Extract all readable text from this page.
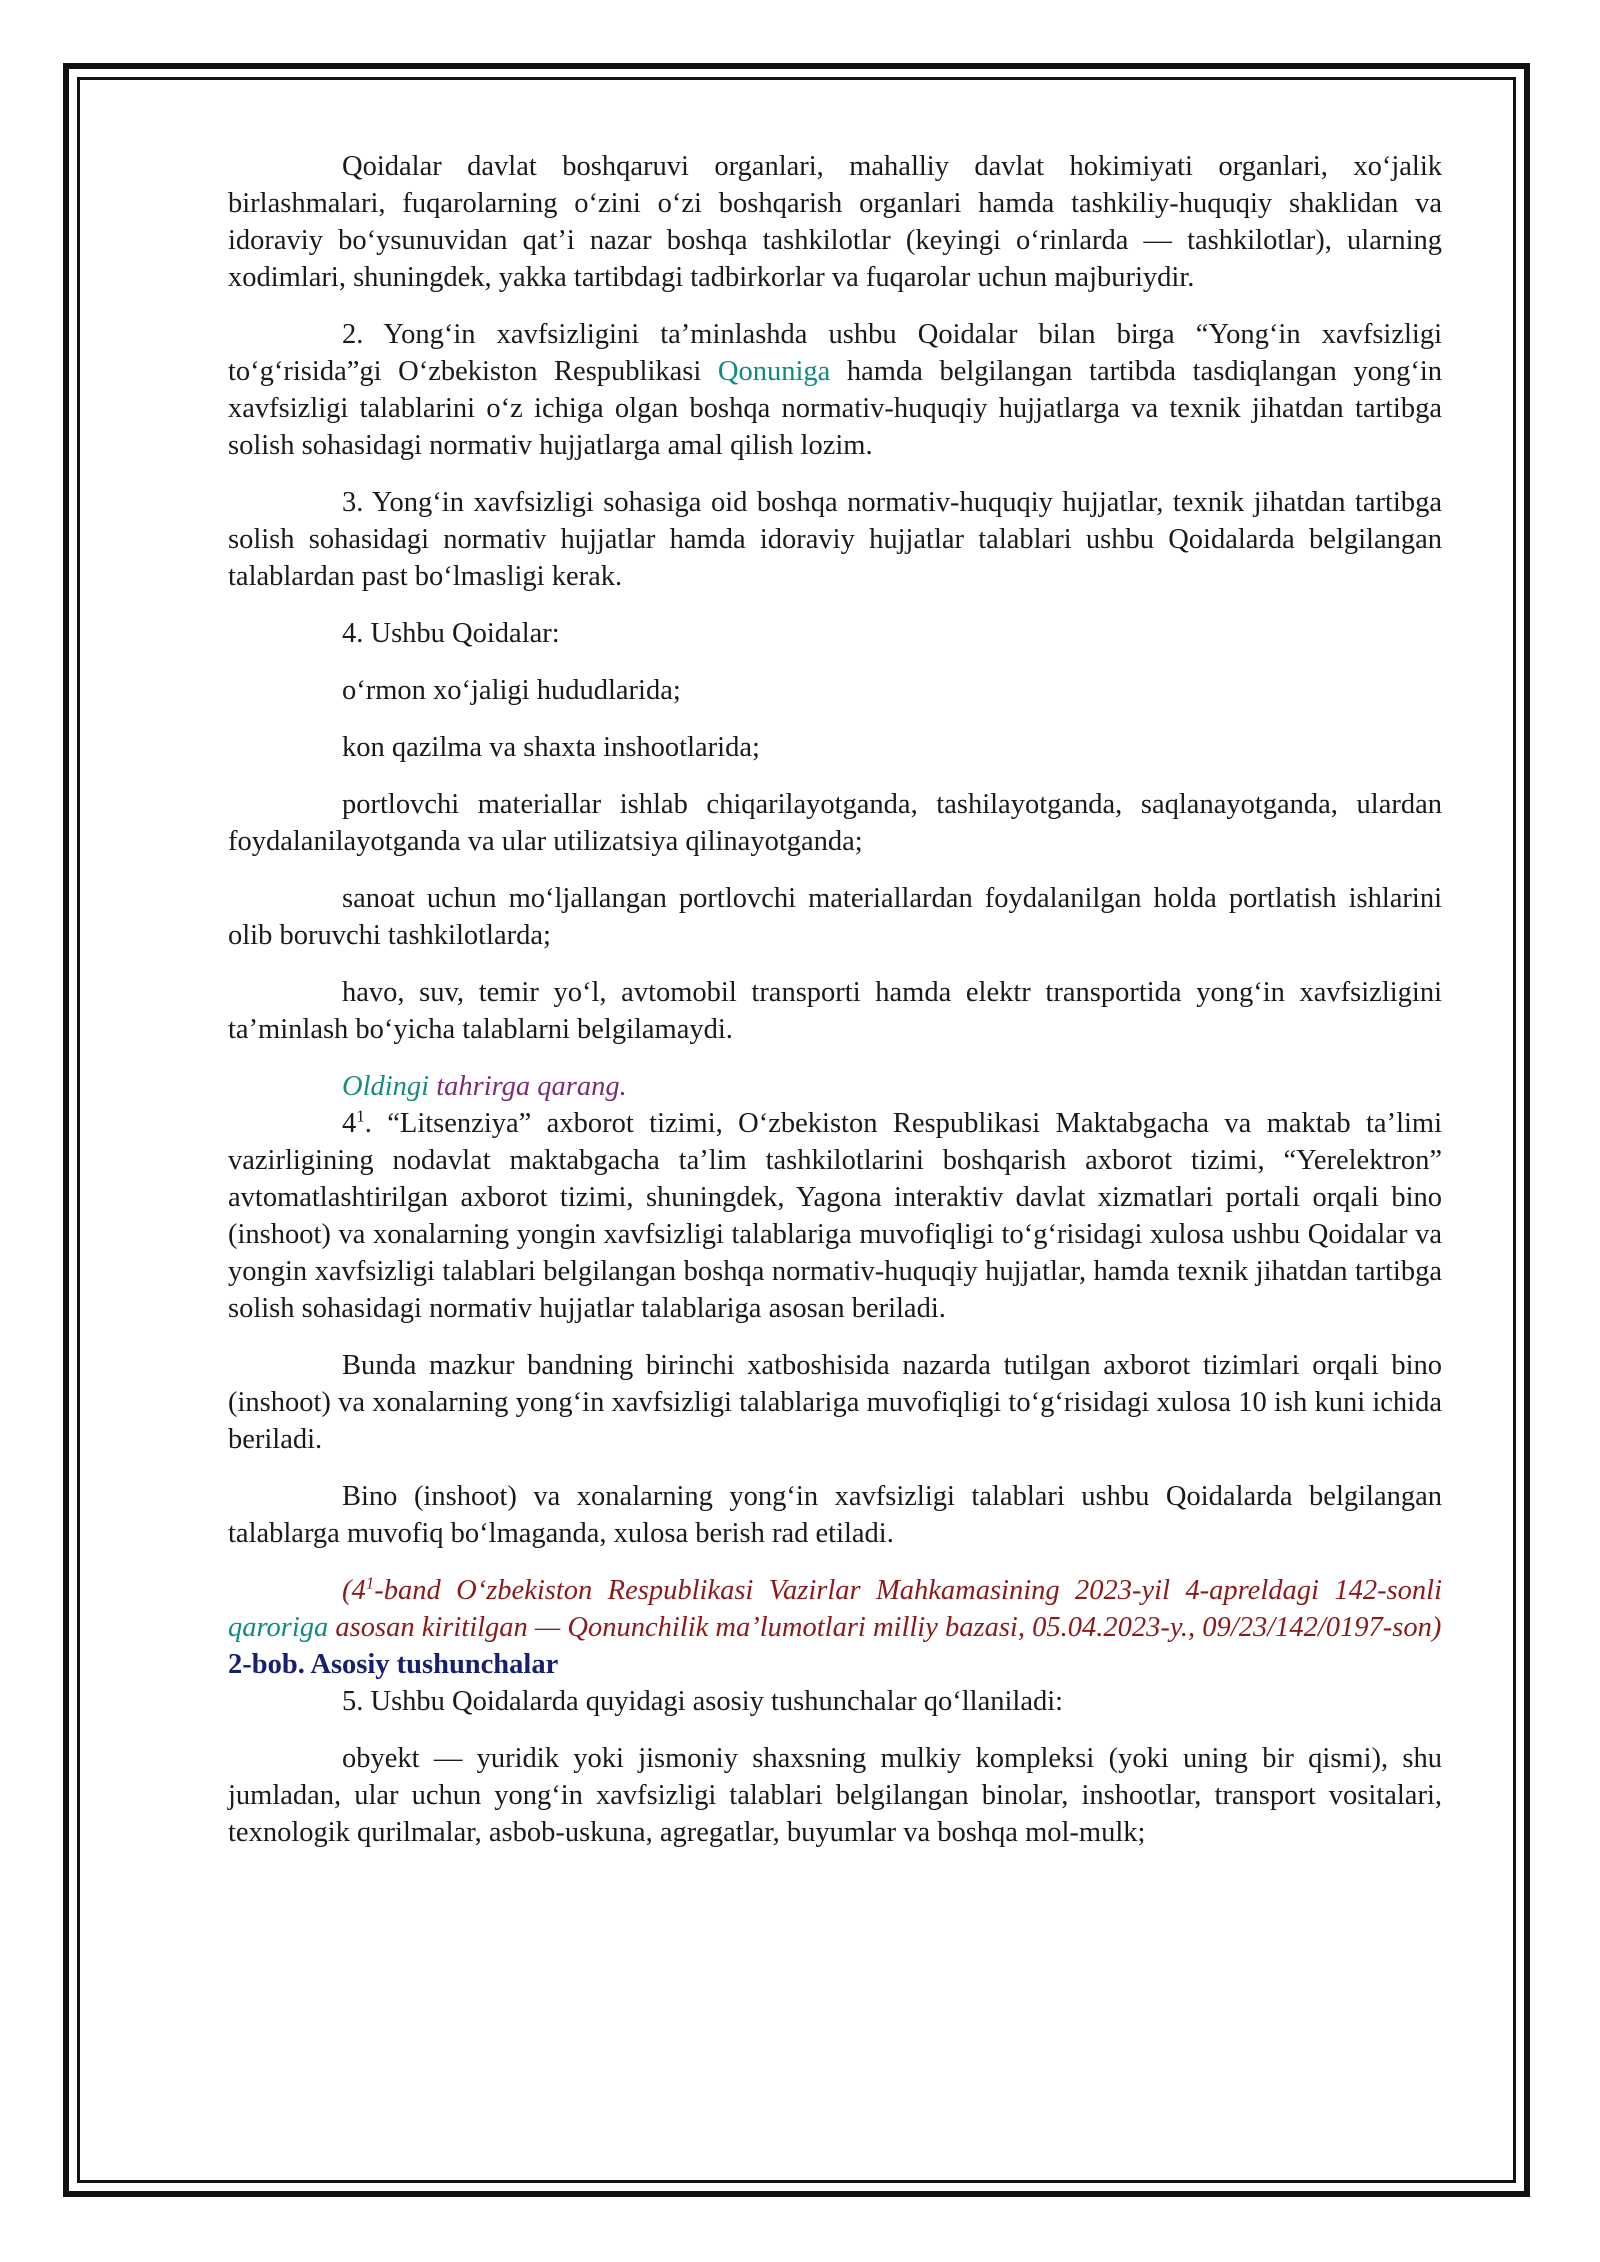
Qoidalar davlat boshqaruvi organlari, mahalliy davlat hokimiyati organlari, xo‘jalik birlashmalari, fuqarolarning o‘zini o‘zi boshqarish organlari hamda tashkiliy-huquqiy shaklidan va idoraviy bo‘ysunuvidan qat’i nazar boshqa tashkilotlar (keyingi o‘rinlarda — tashkilotlar), ularning xodimlari, shuningdek, yakka tartibdagi tadbirkorlar va fuqarolar uchun majburiydir.

2. Yong‘in xavfsizligini ta’minlashda ushbu Qoidalar bilan birga “Yong‘in xavfsizligi to‘g‘risida”gi O‘zbekiston Respublikasi Qonuniga hamda belgilangan tartibda tasdiqlangan yong‘in xavfsizligi talablarini o‘z ichiga olgan boshqa normativ-huquqiy hujjatlarga va texnik jihatdan tartibga solish sohasidagi normativ hujjatlarga amal qilish lozim.

3. Yong‘in xavfsizligi sohasiga oid boshqa normativ-huquqiy hujjatlar, texnik jihatdan tartibga solish sohasidagi normativ hujjatlar hamda idoraviy hujjatlar talablari ushbu Qoidalarda belgilangan talablardan past bo‘lmasligi kerak.

4. Ushbu Qoidalar:

o‘rmon xo‘jaligi hududlarida;

kon qazilma va shaxta inshootlarida;

portlovchi materiallar ishlab chiqarilayotganda, tashilayotganda, saqlanayotganda, ulardan foydalanilayotganda va ular utilizatsiya qilinayotganda;

sanoat uchun mo‘ljallangan portlovchi materiallardan foydalanilgan holda portlatish ishlarini olib boruvchi tashkilotlarda;

havo, suv, temir yo‘l, avtomobil transporti hamda elektr transportida yong‘in xavfsizligini ta’minlash bo‘yicha talablarni belgilamaydi.

Oldingi tahrirga qarang.

$4^1$. “Litsenziya” axborot tizimi, O‘zbekiston Respublikasi Maktabgacha va maktab ta’limi vazirligining nodavlat maktabgacha ta’lim tashkilotlarini boshqarish axborot tizimi, “Yerelektron” avtomatlashtirilgan axborot tizimi, shuningdek, Yagona interaktiv davlat xizmatlari portali orqali bino (inshoot) va xonalarning yongin xavfsizligi talablariga muvofiqligi to‘g‘risidagi xulosa ushbu Qoidalar va yongin xavfsizligi talablari belgilangan boshqa normativ-huquqiy hujjatlar, hamda texnik jihatdan tartibga solish sohasidagi normativ hujjatlar talablariga asosan beriladi.

Bunda mazkur bandning birinchi xatboshisida nazarda tutilgan axborot tizimlari orqali bino (inshoot) va xonalarning yong‘in xavfsizligi talablariga muvofiqligi to‘g‘risidagi xulosa 10 ish kuni ichida beriladi.

Bino (inshoot) va xonalarning yong‘in xavfsizligi talablari ushbu Qoidalarda belgilangan talablarga muvofiq bo‘lmaganda, xulosa berish rad etiladi.

($4^1$-band O‘zbekiston Respublikasi Vazirlar Mahkamasining 2023-yil 4-apreldagi 142-sonli qaroriga asosan kiritilgan — Qonunchilik ma’lumotlari milliy bazasi, 05.04.2023-y., 09/23/142/0197-son)

2-bob. Asosiy tushunchalar

5. Ushbu Qoidalarda quyidagi asosiy tushunchalar qo‘llaniladi:

obyekt — yuridik yoki jismoniy shaxsning mulkiy kompleksi (yoki uning bir qismi), shu jumladan, ular uchun yong‘in xavfsizligi talablari belgilangan binolar, inshootlar, transport vositalari, texnologik qurilmalar, asbob-uskuna, agregatlar, buyumlar va boshqa mol-mulk;
